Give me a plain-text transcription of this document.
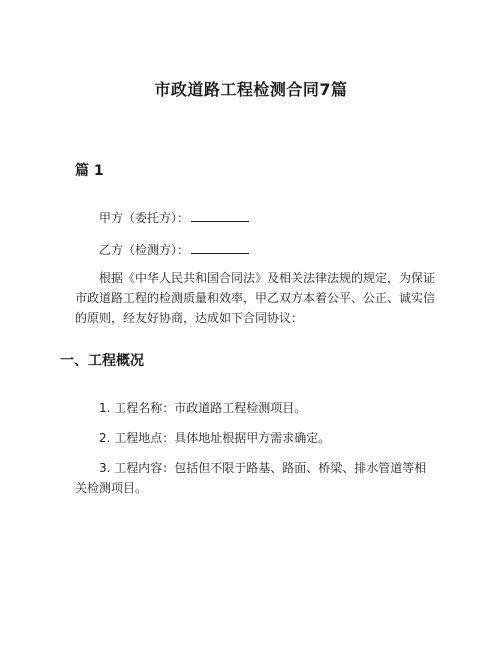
市政道路工程检测合同7篇
篇 1
甲方（委托方）：
乙方（检测方）：
根据《中华人民共和国合同法》及相关法律法规的规定，为保证市政道路工程的检测质量和效率，甲乙双方本着公平、公正、诚实信的原则，经友好协商，达成如下合同协议：
一、工程概况
1. 工程名称：市政道路工程检测项目。
2. 工程地点：具体地址根据甲方需求确定。
3. 工程内容：包括但不限于路基、路面、桥梁、排水管道等相关检测项目。
